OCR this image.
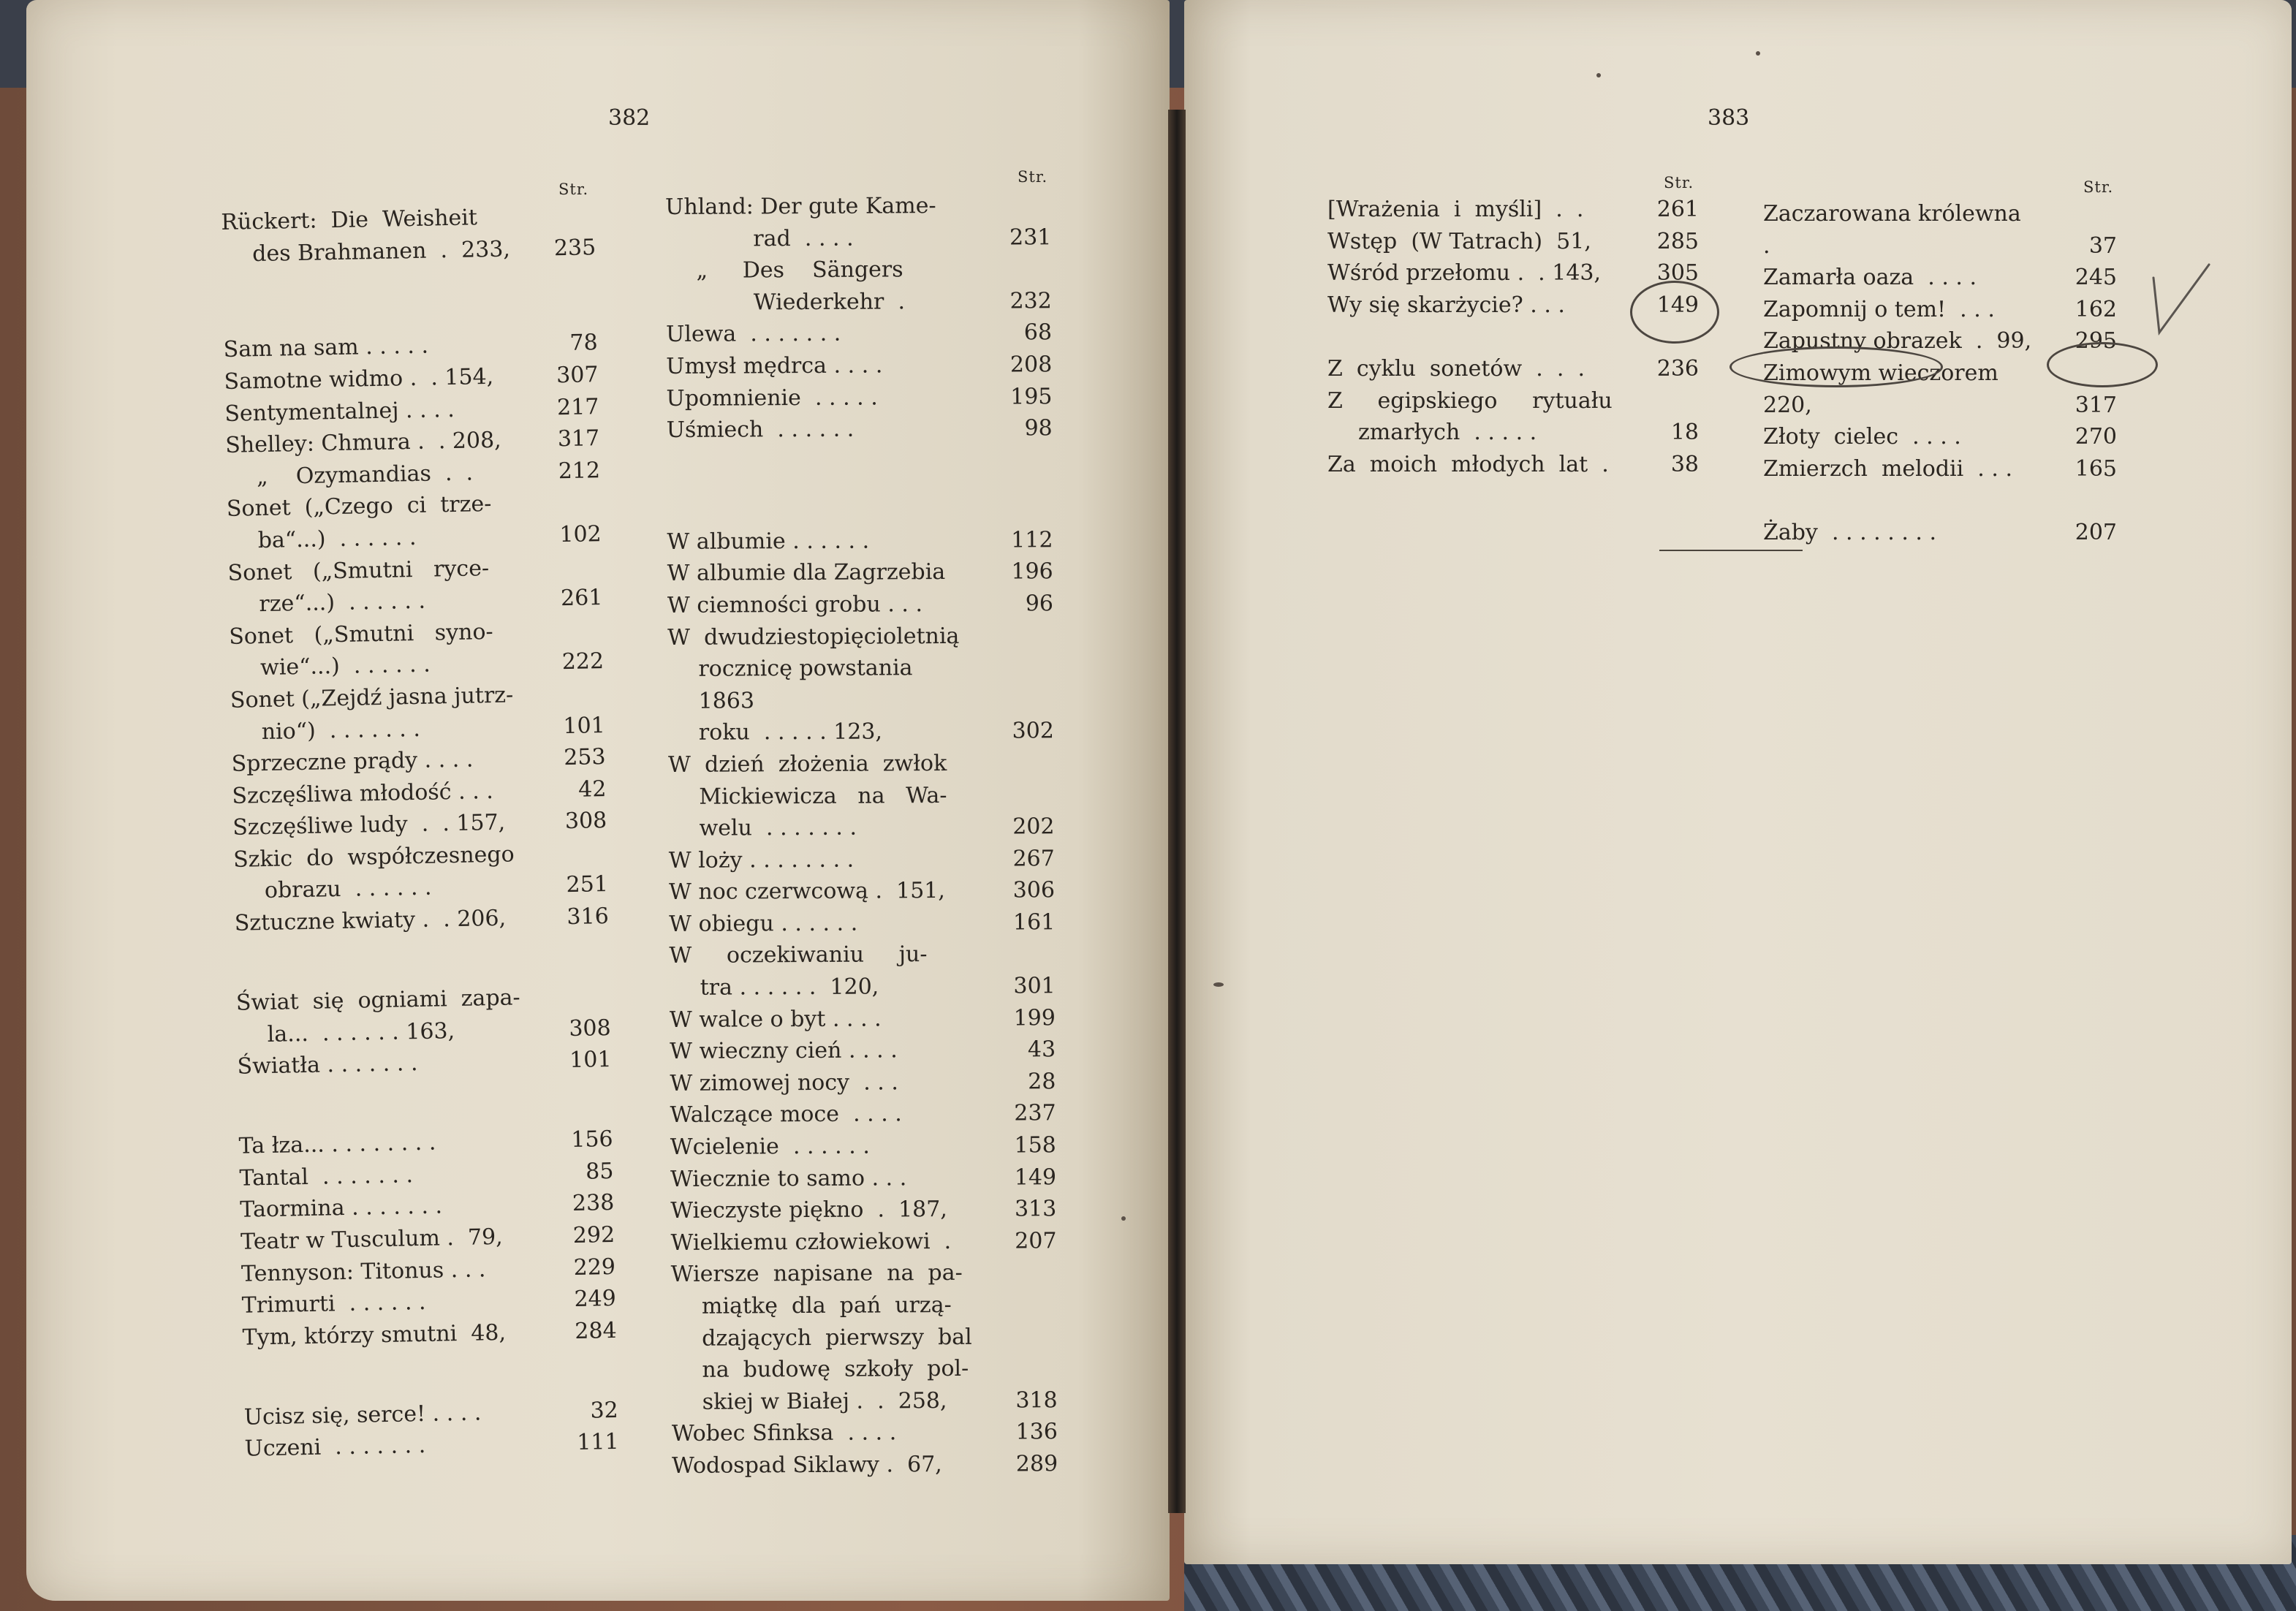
382	383
Str.
Str.	Str.	Str.
Rückert:  Die  Weisheit
des Brahmanen  .  233,	235
Sam na sam . . . . .	78
Samotne widmo .  . 154,	307
Sentymentalnej . . . .	217
Shelley: Chmura .  . 208,	317
„    Ozymandias  .  .	212
Sonet  („Czego  ci  trze-
ba“...)  . . . . . .	102
Sonet   („Smutni   ryce-
rze“...)  . . . . . .	261
Sonet   („Smutni   syno-
wie“...)  . . . . . .	222
Sonet („Zejdź jasna jutrz-
nio“)  . . . . . . .	101
Sprzeczne prądy . . . .	253
Szczęśliwa młodość . . .	42
Szczęśliwe ludy  .  . 157,	308
Szkic  do  współczesnego
obrazu  . . . . . .	251
Sztuczne kwiaty .  . 206,	316
Świat  się  ogniami  zapa-
la...  . . . . . . 163,	308
Światła . . . . . . .	101
Ta łza... . . . . . . . .	156
Tantal  . . . . . . .	85
Taormina . . . . . . .	238
Teatr w Tusculum .  79,	292
Tennyson: Titonus . . .	229
Trimurti  . . . . . .	249
Tym, którzy smutni  48,	284
Ucisz się, serce! . . . .	32
Uczeni  . . . . . . .	111
Uhland: Der gute Kame-
rad  . . . .	231
„     Des    Sängers
Wiederkehr  .	232
Ulewa  . . . . . . .	68
Umysł mędrca . . . .	208
Upomnienie  . . . . .	195
Uśmiech  . . . . . .	98
W albumie . . . . . .	112
W albumie dla Zagrzebia	196
W ciemności grobu . . .	96
W  dwudziestopięcioletnią
rocznicę powstania 1863
roku  . . . . . 123,	302
W  dzień  złożenia  zwłok
Mickiewicza   na   Wa-
welu  . . . . . . .	202
W loży . . . . . . . .	267
W noc czerwcową .  151,	306
W obiegu . . . . . .	161
W     oczekiwaniu     ju-
tra . . . . . .  120,	301
W walce o byt . . . .	199
W wieczny cień . . . .	43
W zimowej nocy  . . .	28
Walczące moce  . . . .	237
Wcielenie  . . . . . .	158
Wiecznie to samo . . .	149
Wieczyste piękno  .  187,	313
Wielkiemu człowiekowi  .	207
Wiersze  napisane  na  pa-
miątkę  dla  pań  urzą-
dzających  pierwszy  bal
na  budowę  szkoły  pol-
skiej w Białej .  .  258,	318
Wobec Sfinksa  . . . .	136
Wodospad Siklawy .  67,	289
[Wrażenia  i  myśli]  .  .	261
Wstęp  (W Tatrach)  51,	285
Wśród przełomu .  . 143,	305
Wy się skarżycie? . . .	149
Z  cyklu  sonetów  .  .  .	236
Z     egipskiego     rytuału
zmarłych  . . . . .	18
Za  moich  młodych  lat  .	38
Zaczarowana królewna  .	37
Zamarła oaza  . . . .	245
Zapomnij o tem!  . . .	162
Zapustny obrazek  .  99,	295
Zimowym wieczorem 220,	317
Złoty  cielec  . . . .	270
Zmierzch  melodii  . . .	165
Żaby  . . . . . . . .	207
